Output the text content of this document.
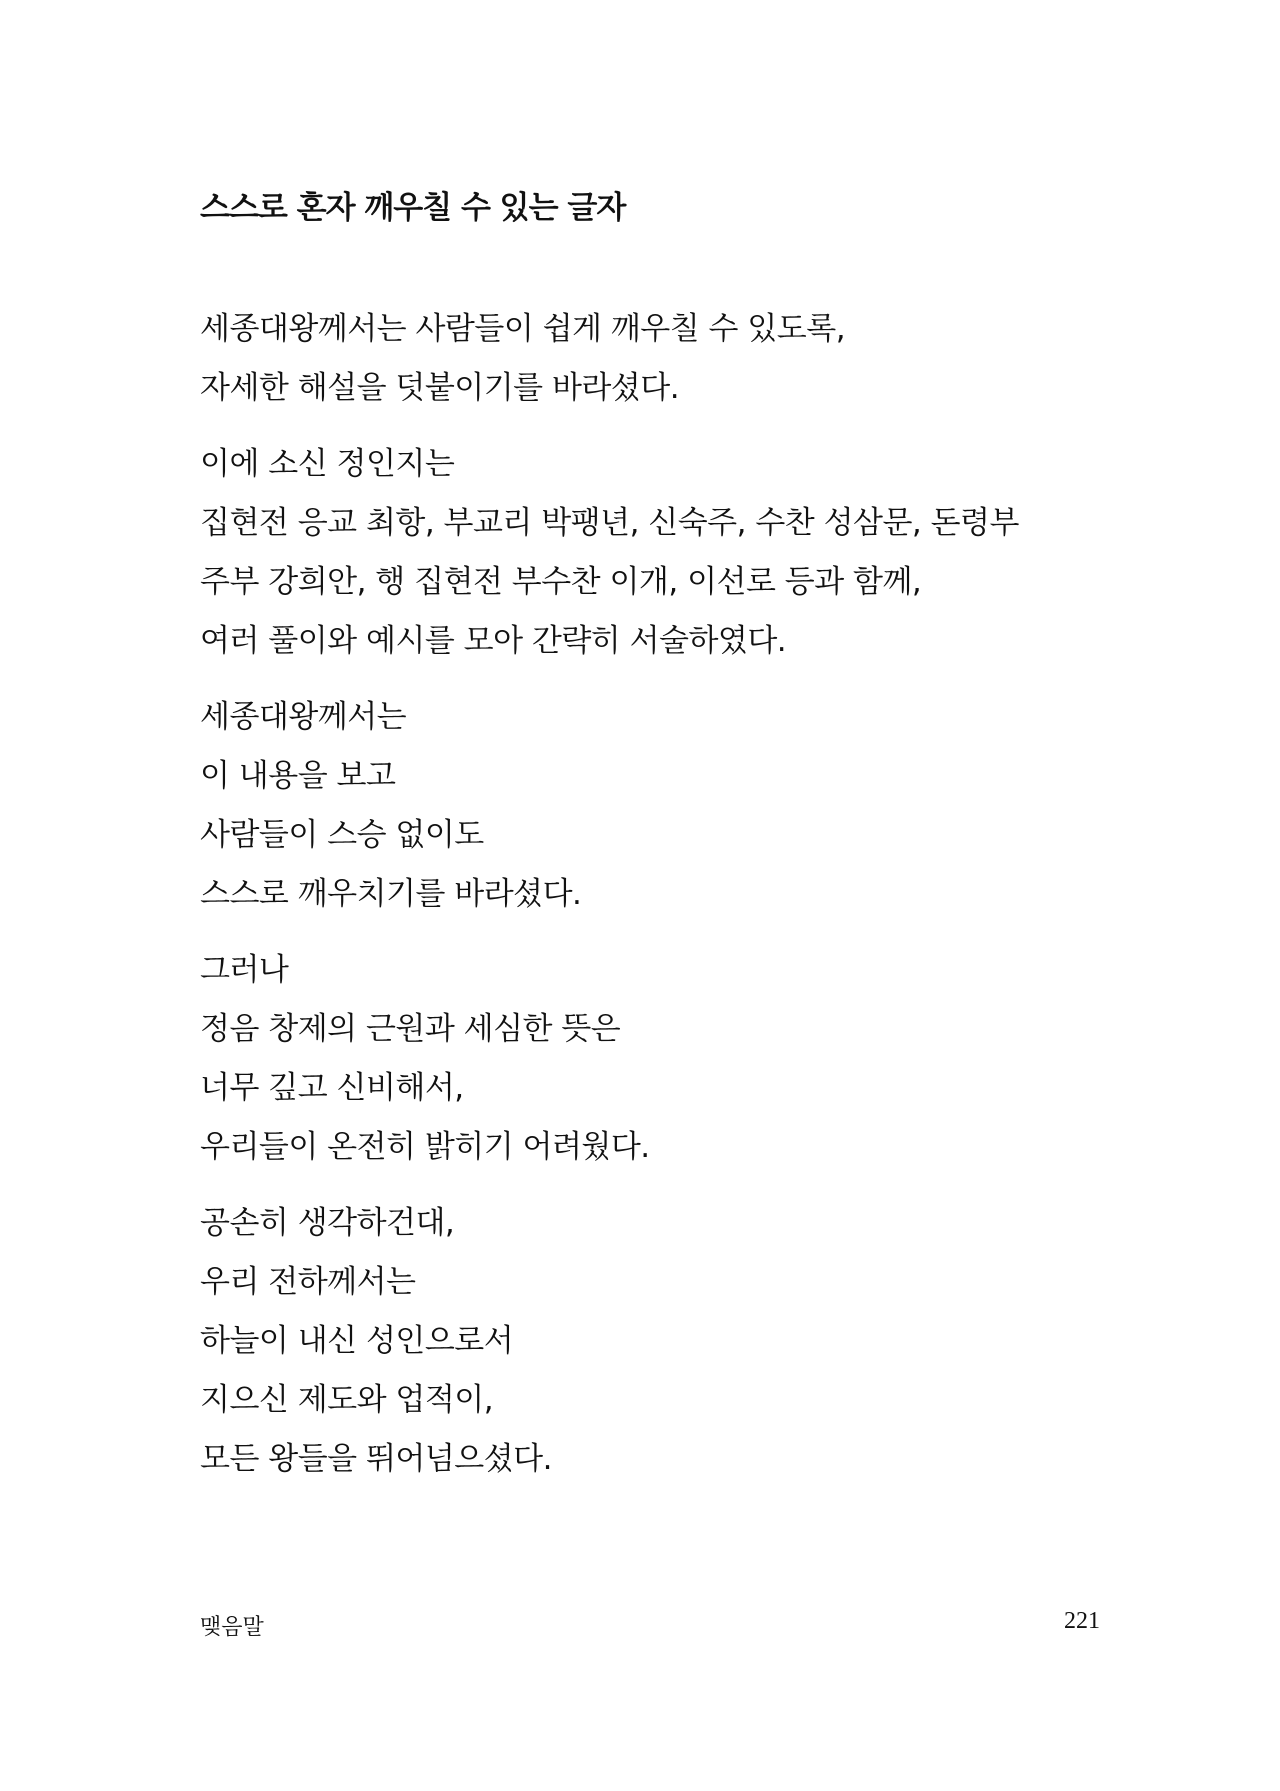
스스로 혼자 깨우칠 수 있는 글자
세종대왕께서는 사람들이 쉽게 깨우칠 수 있도록,
자세한 해설을 덧붙이기를 바라셨다.
이에 소신 정인지는
집현전 응교 최항, 부교리 박팽년, 신숙주, 수찬 성삼문, 돈령부
주부 강희안, 행 집현전 부수찬 이개, 이선로 등과 함께,
여러 풀이와 예시를 모아 간략히 서술하였다.
세종대왕께서는
이 내용을 보고
사람들이 스승 없이도
스스로 깨우치기를 바라셨다.
그러나
정음 창제의 근원과 세심한 뜻은
너무 깊고 신비해서,
우리들이 온전히 밝히기 어려웠다.
공손히 생각하건대,
우리 전하께서는
하늘이 내신 성인으로서
지으신 제도와 업적이,
모든 왕들을 뛰어넘으셨다.
맺음말	221
